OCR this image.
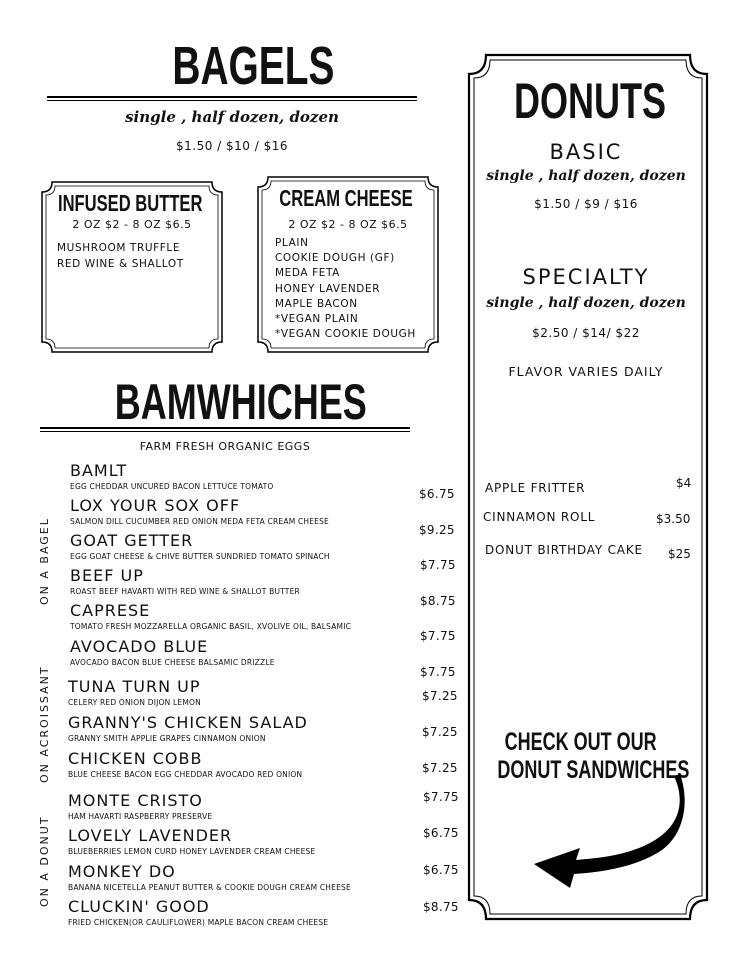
BAGELS
single , half dozen, dozen
$1.50 / $10 / $16
INFUSED BUTTER
2 OZ $2 - 8 OZ $6.5
MUSHROOM TRUFFLE
RED WINE & SHALLOT
CREAM CHEESE
2 OZ $2 - 8 OZ $6.5
PLAIN
COOKIE DOUGH (GF)
MEDA FETA
HONEY LAVENDER
MAPLE BACON
*VEGAN PLAIN
*VEGAN COOKIE DOUGH
BAMWHICHES
FARM FRESH ORGANIC EGGS
ON A BAGEL
ON ACROISSANT
ON A DONUT
BAMLT
EGG CHEDDAR UNCURED BACON LETTUCE TOMATO
LOX YOUR SOX OFF
SALMON DILL CUCUMBER RED ONION MEDA FETA CREAM CHEESE
GOAT GETTER
EGG GOAT CHEESE & CHIVE BUTTER SUNDRIED TOMATO SPINACH
BEEF UP
ROAST BEEF HAVARTI WITH RED WINE & SHALLOT BUTTER
CAPRESE
TOMATO FRESH MOZZARELLA ORGANIC BASIL, XVOLIVE OIL, BALSAMIC
AVOCADO BLUE
AVOCADO BACON BLUE CHEESE BALSAMIC DRIZZLE
TUNA TURN UP
CELERY RED ONION DIJON LEMON
GRANNY'S CHICKEN SALAD
GRANNY SMITH APPLIE GRAPES CINNAMON ONION
CHICKEN COBB
BLUE CHEESE BACON EGG CHEDDAR AVOCADO RED ONION
MONTE CRISTO
HAM HAVARTI RASPBERRY PRESERVE
LOVELY LAVENDER
BLUEBERRIES LEMON CURD HONEY LAVENDER CREAM CHEESE
MONKEY DO
BANANA NICETELLA PEANUT BUTTER & COOKIE DOUGH CREAM CHEESE
CLUCKIN' GOOD
FRIED CHICKEN(OR CAULIFLOWER) MAPLE BACON CREAM CHEESE
$6.75
$9.25
$7.75
$8.75
$7.75
$7.75
$7.25
$7.25
$7.25
$7.75
$6.75
$6.75
$8.75
DONUTS
BASIC
single , half dozen, dozen
$1.50 / $9 / $16
SPECIALTY
single , half dozen, dozen
$2.50 / $14/ $22
FLAVOR VARIES DAILY
APPLE FRITTER	$4
CINNAMON ROLL	$3.50
DONUT BIRTHDAY CAKE $25
CHECK OUT OUR
DONUT SANDWICHES
